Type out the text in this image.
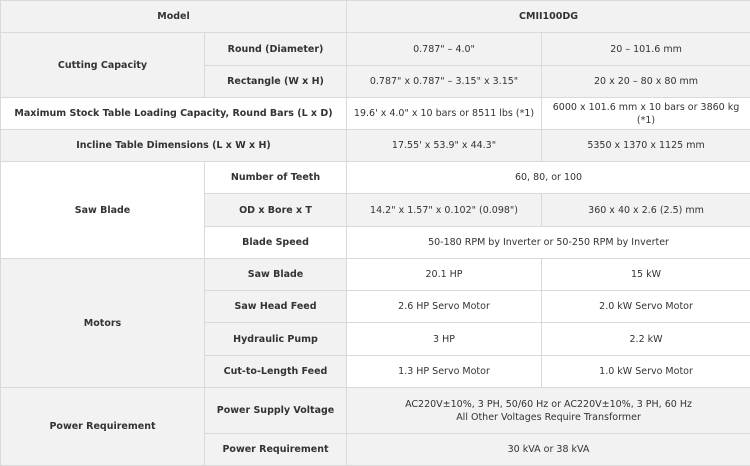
Model		CMII100DG	
Cutting Capacity	Round (Diameter)	0.787" – 4.0"	20 – 101.6 mm
	Rectangle (W x H)	0.787" x 0.787" – 3.15" x 3.15"	20 x 20 – 80 x 80 mm
Maximum Stock Table Loading Capacity, Round Bars (L x D)		19.6' x 4.0" x 10 bars or 8511 lbs (*1)	6000 x 101.6 mm x 10 bars or 3860 kg (*1)
Incline Table Dimensions (L x W x H)		17.55' x 53.9" x 44.3"	5350 x 1370 x 1125 mm
Saw Blade	Number of Teeth	60, 80, or 100	
	OD x Bore x T	14.2" x 1.57" x 0.102" (0.098")	360 x 40 x 2.6 (2.5) mm
	Blade Speed	50-180 RPM by Inverter or 50-250 RPM by Inverter	
Motors	Saw Blade	20.1 HP	15 kW
	Saw Head Feed	2.6 HP Servo Motor	2.0 kW Servo Motor
	Hydraulic Pump	3 HP	2.2 kW
	Cut-to-Length Feed	1.3 HP Servo Motor	1.0 kW Servo Motor
Power Requirement	Power Supply Voltage	AC220V±10%, 3 PH, 50/60 Hz or AC220V±10%, 3 PH, 60 Hz
All Other Voltages Require Transformer	

	Power Requirement	30 kVA or 38 kVA	
